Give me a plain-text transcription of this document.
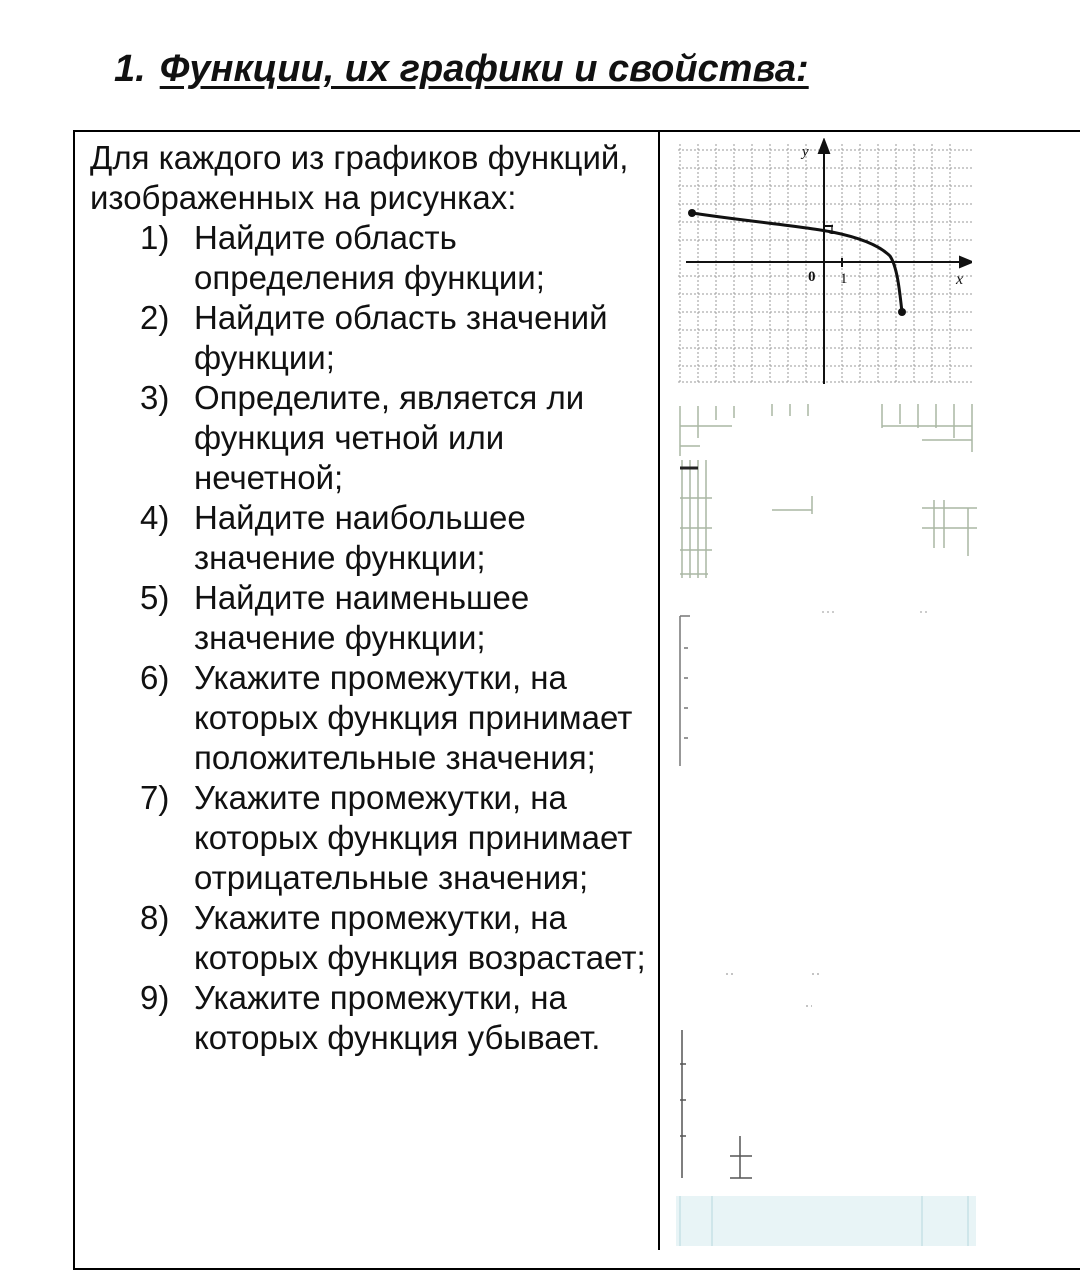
1. Функции, их графики и свойства:

Для каждого из графиков функций, изображенных на рисунках:

1) Найдите область определения функции;
2) Найдите область значений функции;
3) Определите, является ли функция четной или нечетной;
4) Найдите наибольшее значение функции;
5) Найдите наименьшее значение функции;
6) Укажите промежутки, на которых функция принимает положительные значения;
7) Укажите промежутки, на которых функция принимает отрицательные значения;
8) Укажите промежутки, на которых функция возрастает;
9) Укажите промежутки, на которых функция убывает.
x
y
0 1
1
